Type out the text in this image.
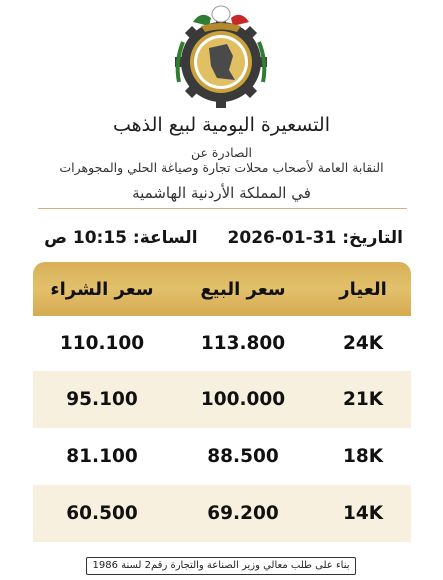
التسعيرة اليومية لبيع الذهب
الصادرة عن
النقابة العامة لأصحاب محلات تجارة وصياغة الحلي والمجوهرات
في المملكة الأردنية الهاشمية
التاريخ: 31-01-2026
الساعة: 10:15 ص
العيار
سعر البيع
سعر الشراء
24K
113.800
110.100
21K
100.000
95.100
18K
88.500
81.100
14K
69.200
60.500
بناء على طلب معالي وزير الصناعة والتجارة رقم2 لسنة 1986
